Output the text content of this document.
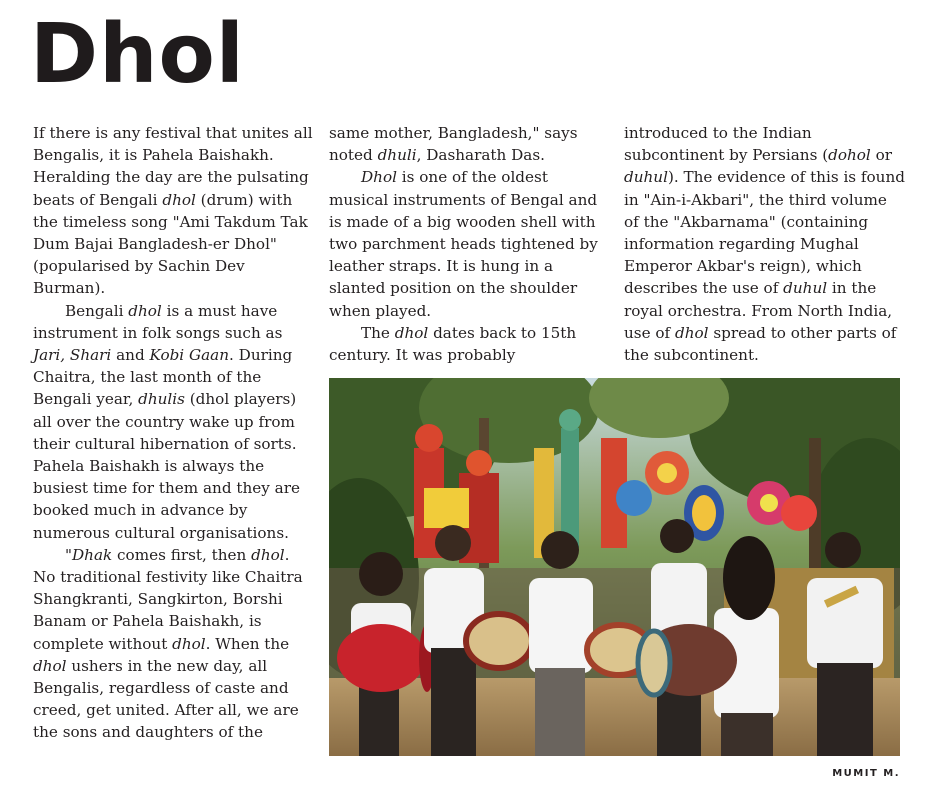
Dhol

If there is any festival that unites all Bengalis, it is Pahela Baishakh. Heralding the day are the pulsating beats of Bengali dhol (drum) with the timeless song "Ami Takdum Tak Dum Bajai Bangladesh-er Dhol" (popularised by Sachin Dev Burman).

Bengali dhol is a must have instrument in folk songs such as Jari, Shari and Kobi Gaan. During Chaitra, the last month of the Bengali year, dhulis (dhol players) all over the country wake up from their cultural hibernation of sorts. Pahela Baishakh is always the busiest time for them and they are booked much in advance by numerous cultural organisations.

"Dhak comes first, then dhol. No traditional festivity like Chaitra Shangkranti, Sangkirton, Borshi Banam or Pahela Baishakh, is complete without dhol. When the dhol ushers in the new day, all Bengalis, regardless of caste and creed, get united. After all, we are the sons and daughters of the

same mother, Bangladesh," says noted dhuli, Dasharath Das.

Dhol is one of the oldest musical instruments of Bengal and is made of a big wooden shell with two parchment heads tightened by leather straps. It is hung in a slanted position on the shoulder when played.

The dhol dates back to 15th century. It was probably

introduced to the Indian subcontinent by Persians (dohol or duhul). The evidence of this is found in "Ain-i-Akbari", the third volume of the "Akbarnama" (containing information regarding Mughal Emperor Akbar's reign), which describes the use of duhul in the royal orchestra. From North India, use of dhol spread to other parts of the subcontinent.

MUMIT M.
